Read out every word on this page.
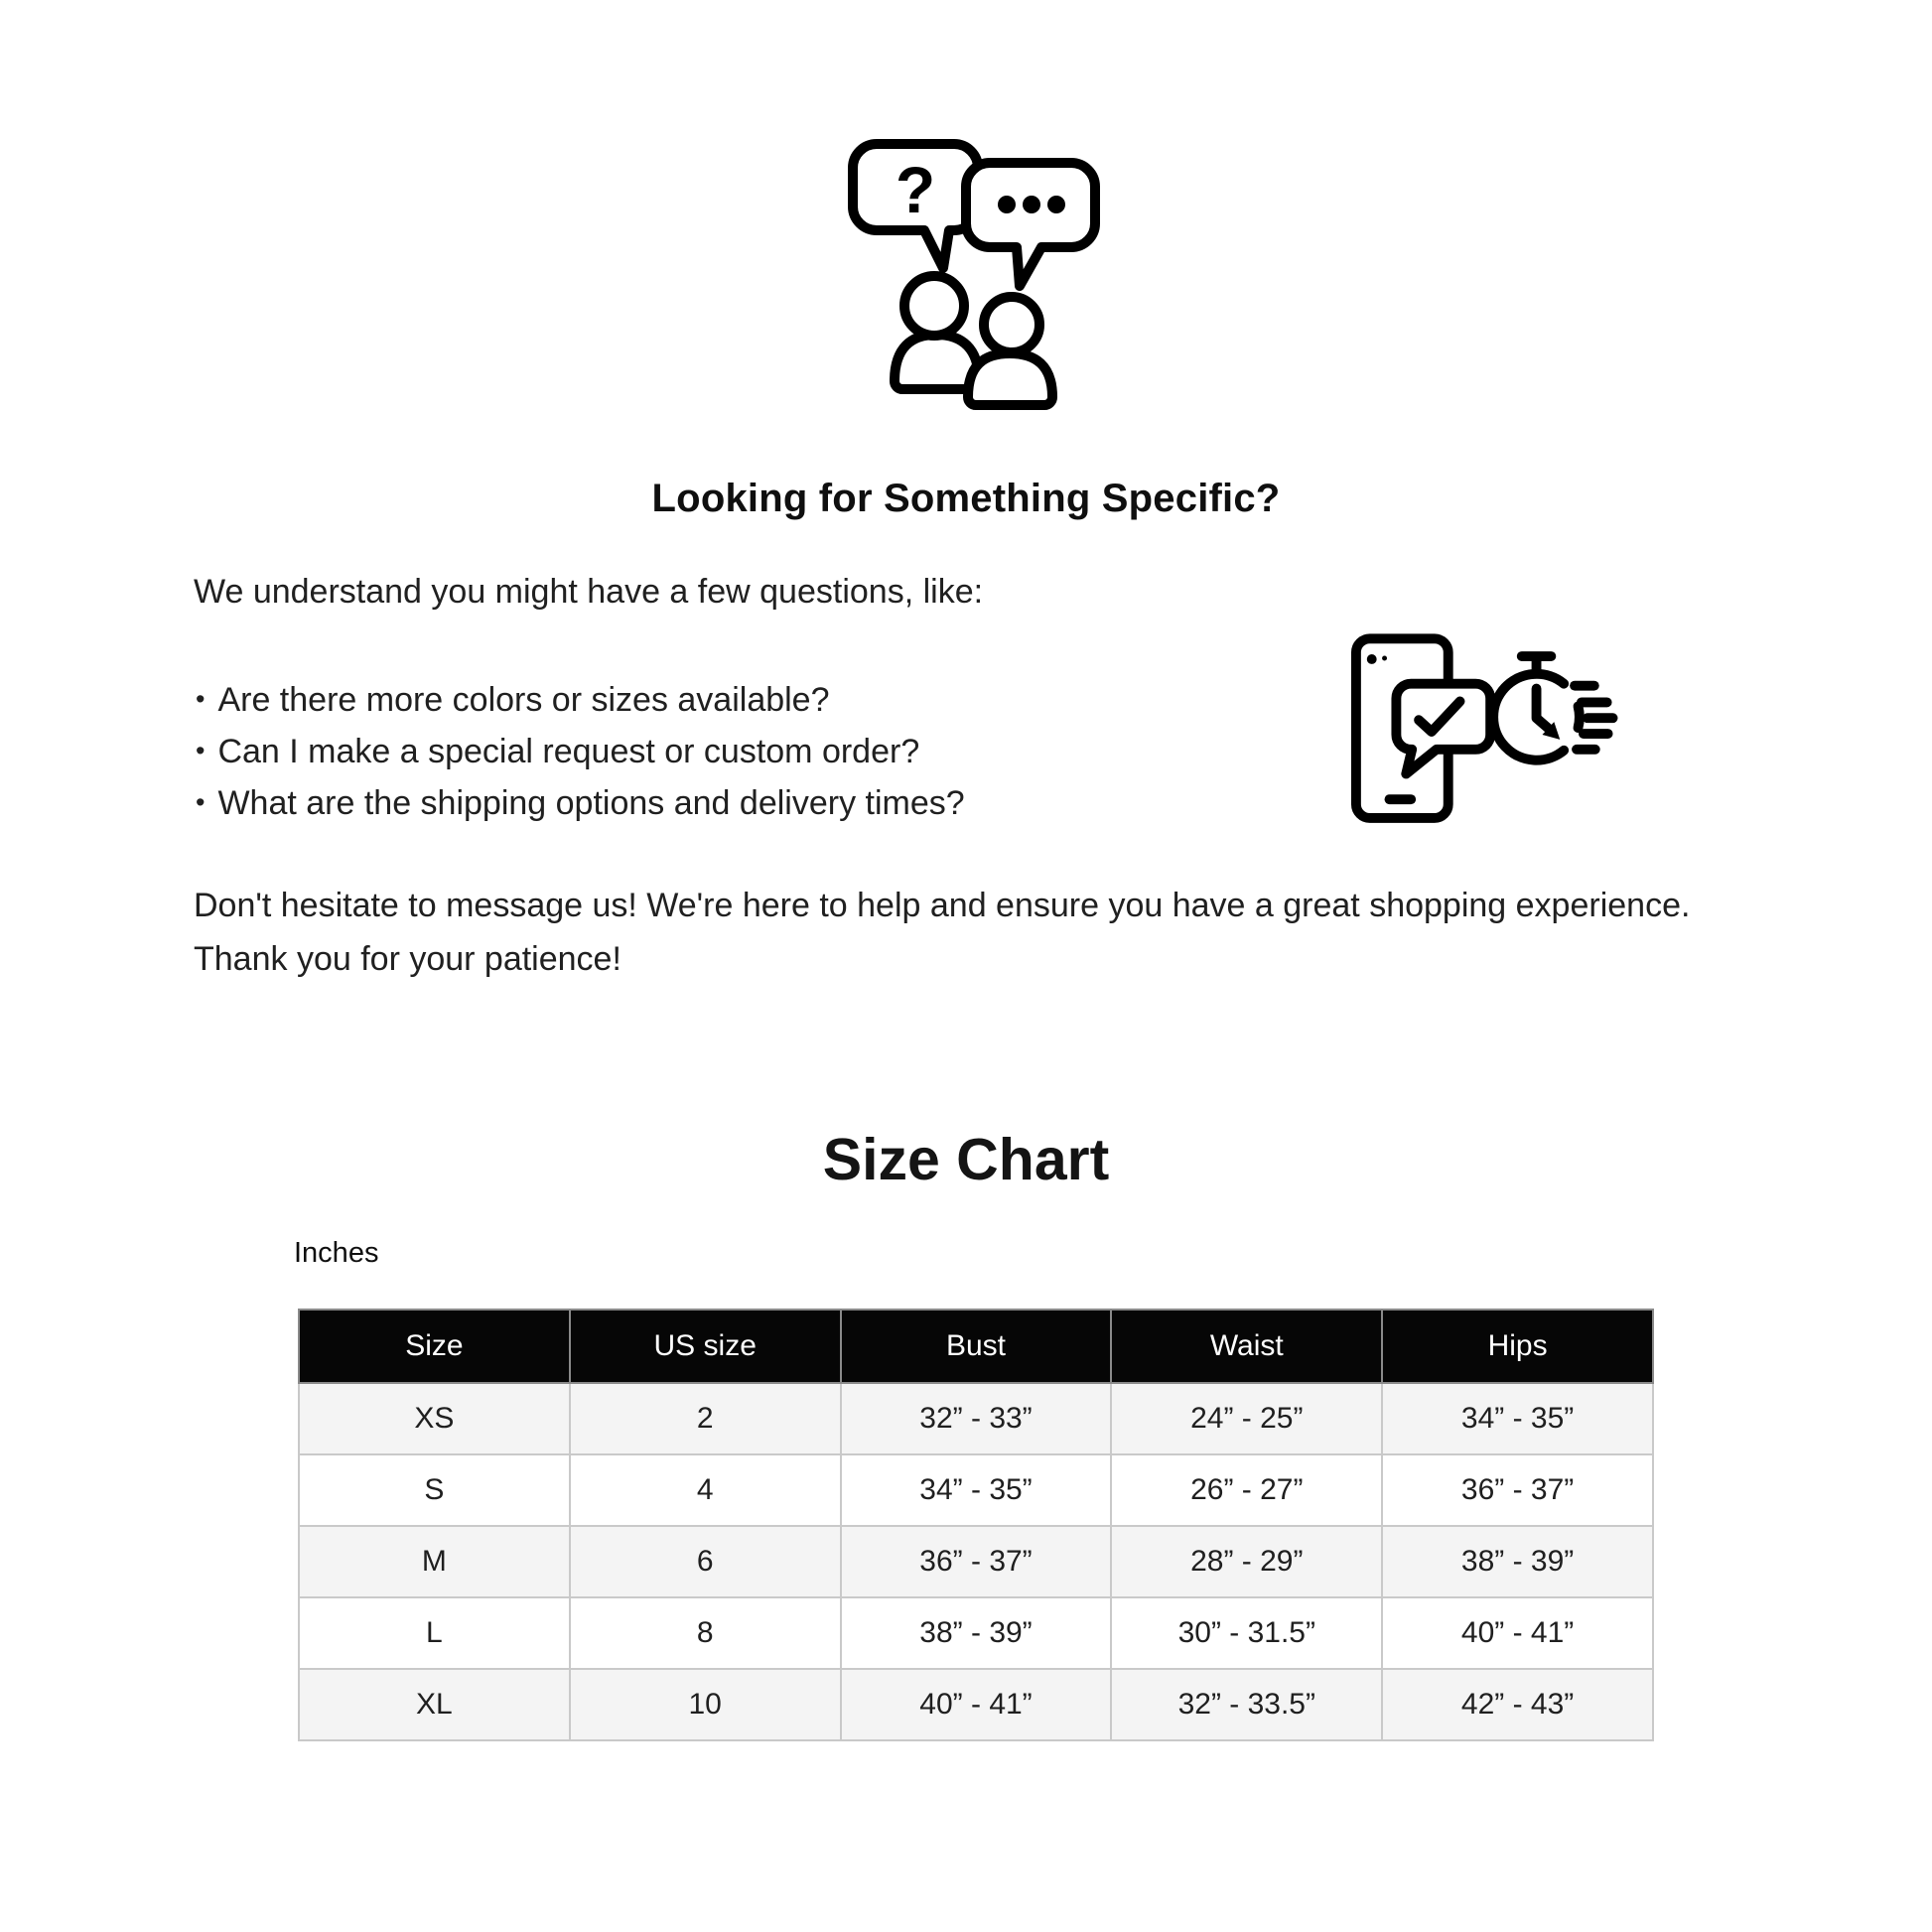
?
Looking for Something Specific?

We understand you might have a few questions, like:

• Are there more colors or sizes available?
• Can I make a special request or custom order?
• What are the shipping options and delivery times?

Don't hesitate to message us! We're here to help and ensure you have a great shopping experience. Thank you for your patience!

Size Chart
Inches
Size	US size	Bust	Waist	Hips
XS	2	32” - 33”	24” - 25”	34” - 35”
S	4	34” - 35”	26” - 27”	36” - 37”
M	6	36” - 37”	28” - 29”	38” - 39”
L	8	38” - 39”	30” - 31.5”	40” - 41”
XL	10	40” - 41”	32” - 33.5”	42” - 43”
